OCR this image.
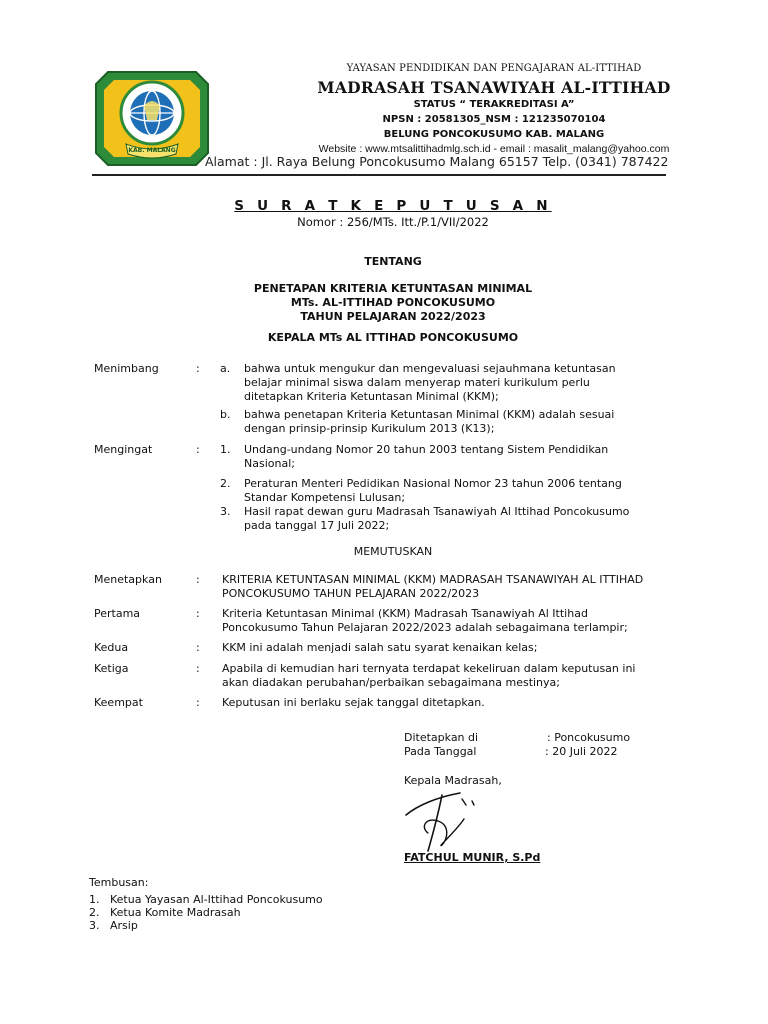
KAB. MALANG
YAYASAN PENDIDIKAN DAN PENGAJARAN AL-ITTIHAD
MADRASAH TSANAWIYAH AL-ITTIHAD
STATUS “ TERAKREDITASI A”
NPSN : 20581305_NSM : 121235070104
BELUNG PONCOKUSUMO KAB. MALANG
Website : www.mtsalittihadmlg.sch.id - email : masalit_malang@yahoo.com
Alamat : Jl. Raya Belung Poncokusumo Malang 65157 Telp. (0341) 787422
S U R A T K E P U T U S A N
Nomor : 256/MTs. Itt./P.1/VII/2022
TENTANG
PENETAPAN KRITERIA KETUNTASAN MINIMAL
MTs. AL-ITTIHAD PONCOKUSUMO
TAHUN PELAJARAN 2022/2023
KEPALA MTs AL ITTIHAD PONCOKUSUMO
Menimbang	: a. bahwa untuk mengukur dan mengevaluasi sejauhmana ketuntasan
belajar minimal siswa dalam menyerap materi kurikulum perlu
ditetapkan Kriteria Ketuntasan Minimal (KKM);
b. bahwa penetapan Kriteria Ketuntasan Minimal (KKM) adalah sesuai
dengan prinsip-prinsip Kurikulum 2013 (K13);
Mengingat	: 1. Undang-undang Nomor 20 tahun 2003 tentang Sistem Pendidikan
Nasional;
2. Peraturan Menteri Pedidikan Nasional Nomor 23 tahun 2006 tentang
Standar Kompetensi Lulusan;
3. Hasil rapat dewan guru Madrasah Tsanawiyah Al Ittihad Poncokusumo
pada tanggal 17 Juli 2022;
MEMUTUSKAN
Menetapkan	: KRITERIA KETUNTASAN MINIMAL (KKM) MADRASAH TSANAWIYAH AL ITTIHAD
PONCOKUSUMO TAHUN PELAJARAN 2022/2023
Pertama	: Kriteria Ketuntasan Minimal (KKM) Madrasah Tsanawiyah Al Ittihad
Poncokusumo Tahun Pelajaran 2022/2023 adalah sebagaimana terlampir;
Kedua	: KKM ini adalah menjadi salah satu syarat kenaikan kelas;
Ketiga	: Apabila di kemudian hari ternyata terdapat kekeliruan dalam keputusan ini
akan diadakan perubahan/perbaikan sebagaimana mestinya;
Keempat	: Keputusan ini berlaku sejak tanggal ditetapkan.
Ditetapkan di	: Poncokusumo
Pada Tanggal	: 20 Juli 2022
Kepala Madrasah,
FATCHUL MUNIR, S.Pd
Tembusan:
1. Ketua Yayasan Al-Ittihad Poncokusumo
2. Ketua Komite Madrasah
3. Arsip
